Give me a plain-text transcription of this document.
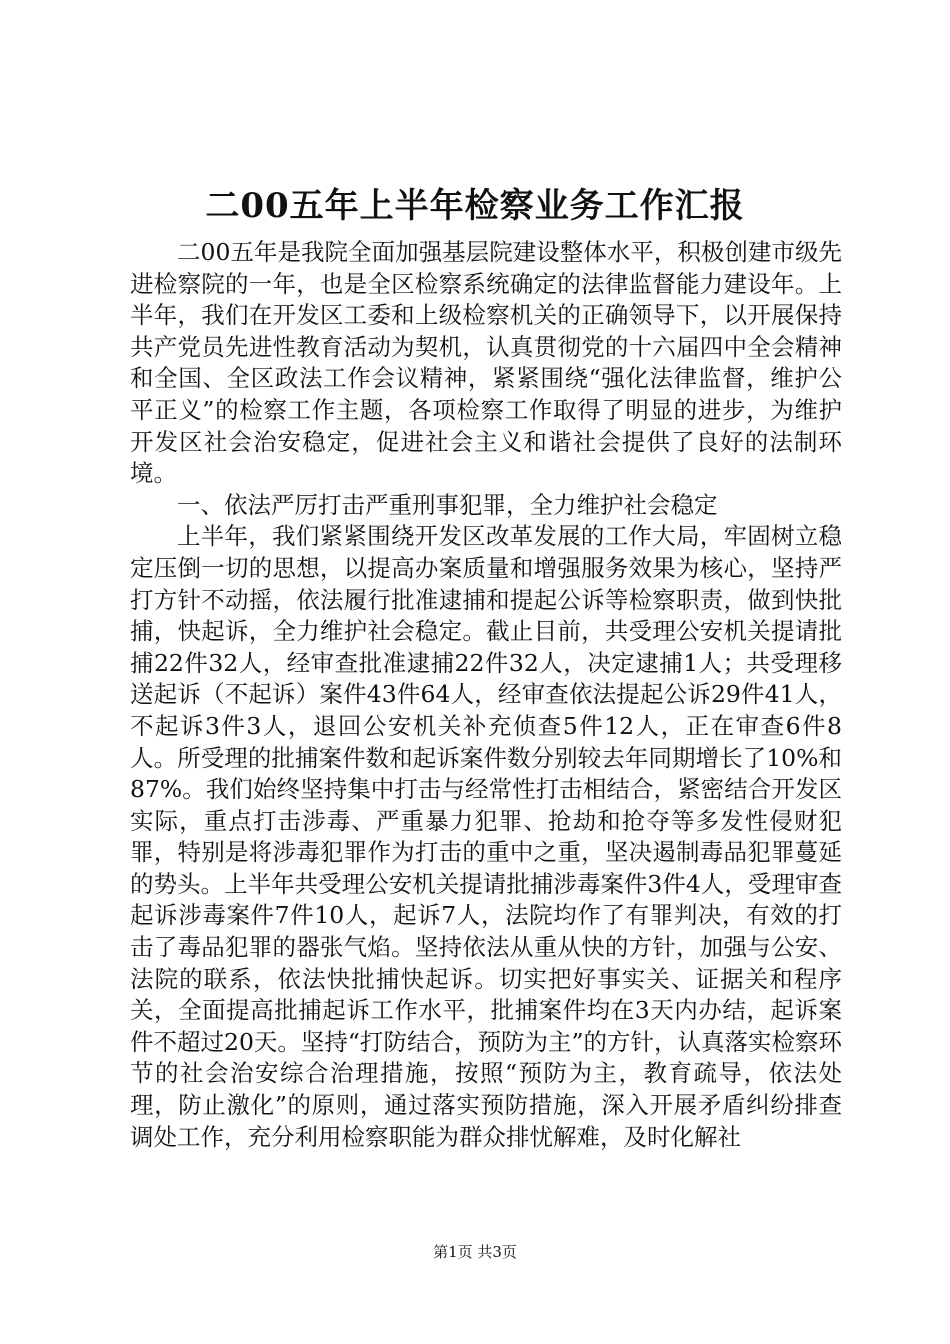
二00五年上半年检察业务工作汇报

二00五年是我院全面加强基层院建设整体水平，积极创建市级先进检察院的一年，也是全区检察系统确定的法律监督能力建设年。上半年，我们在开发区工委和上级检察机关的正确领导下，以开展保持共产党员先进性教育活动为契机，认真贯彻党的十六届四中全会精神和全国、全区政法工作会议精神，紧紧围绕“强化法律监督，维护公平正义”的检察工作主题，各项检察工作取得了明显的进步，为维护开发区社会治安稳定，促进社会主义和谐社会提供了良好的法制环境。

一、依法严厉打击严重刑事犯罪，全力维护社会稳定

上半年，我们紧紧围绕开发区改革发展的工作大局，牢固树立稳定压倒一切的思想，以提高办案质量和增强服务效果为核心，坚持严打方针不动摇，依法履行批准逮捕和提起公诉等检察职责，做到快批捕，快起诉，全力维护社会稳定。截止目前，共受理公安机关提请批捕22件32人，经审查批准逮捕22件32人，决定逮捕1人；共受理移送起诉（不起诉）案件43件64人，经审查依法提起公诉29件41人，不起诉3件3人，退回公安机关补充侦查5件12人，正在审查6件8人。所受理的批捕案件数和起诉案件数分别较去年同期增长了10%和87%。我们始终坚持集中打击与经常性打击相结合，紧密结合开发区实际，重点打击涉毒、严重暴力犯罪、抢劫和抢夺等多发性侵财犯罪，特别是将涉毒犯罪作为打击的重中之重，坚决遏制毒品犯罪蔓延的势头。上半年共受理公安机关提请批捕涉毒案件3件4人，受理审查起诉涉毒案件7件10人，起诉7人，法院均作了有罪判决，有效的打击了毒品犯罪的器张气焰。坚持依法从重从快的方针，加强与公安、法院的联系，依法快批捕快起诉。切实把好事实关、证据关和程序关，全面提高批捕起诉工作水平，批捕案件均在3天内办结，起诉案件不超过20天。坚持“打防结合，预防为主”的方针，认真落实检察环节的社会治安综合治理措施，按照“预防为主，教育疏导，依法处理，防止激化”的原则，通过落实预防措施，深入开展矛盾纠纷排查调处工作，充分利用检察职能为群众排忧解难，及时化解社

第1页 共3页
